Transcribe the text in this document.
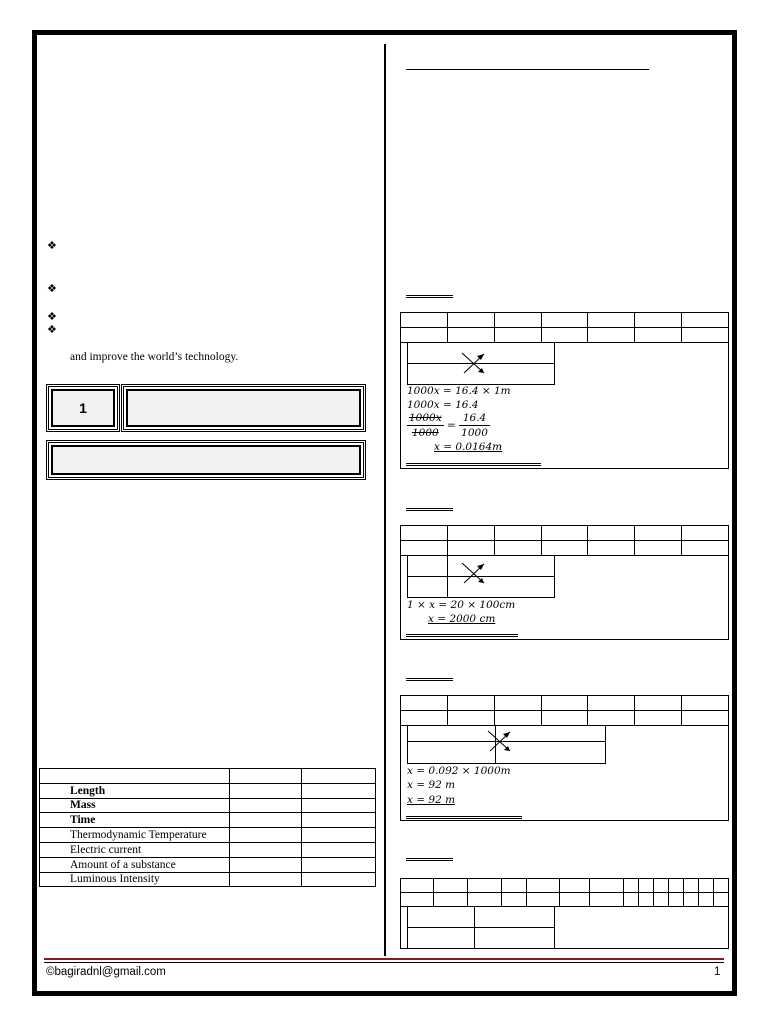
❖
❖
❖
❖
and improve the world’s technology.
1

Length		
Mass		
Time		
Thermodynamic Temperature		
Electric current		
Amount of a substance		
Luminous Intensity		

1000x = 16.4 × 1m
1000x = 16.4
$\frac{1000x}{1000} = \frac{16.4}{1000}$
x = 0.0164m

1 × x = 20 × 100cm
x = 2000 cm

x = 0.092 × 1000m
x = 92 m
x = 92 m

©bagiradnl@gmail.com	1
